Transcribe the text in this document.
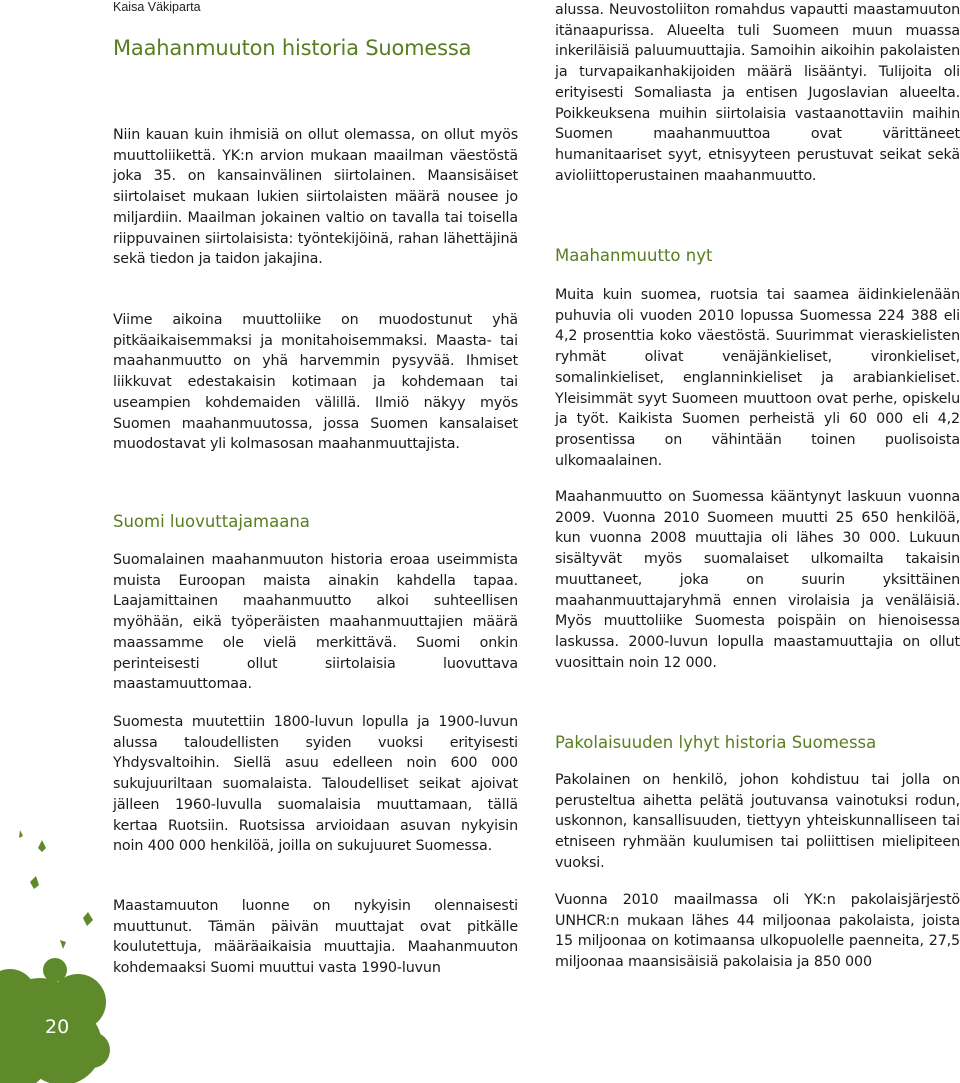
Kaisa Väkiparta
Maahanmuuton historia Suomessa

Niin kauan kuin ihmisiä on ollut olemassa, on ollut myös muuttoliikettä. YK:n arvion mukaan maailman väestöstä joka 35. on kansainvälinen siirtolainen. Maansisäiset siirtolaiset mukaan lukien siirtolaisten määrä nousee jo miljardiin. Maailman jokainen valtio on tavalla tai toisella riippuvainen siirtolaisista: työntekijöinä, rahan lähettäjinä sekä tiedon ja taidon jakajina.

Viime aikoina muuttoliike on muodostunut yhä pitkäaikaisemmaksi ja monitahoisemmaksi. Maasta- tai maahanmuutto on yhä harvemmin pysyvää. Ihmiset liikkuvat edestakaisin kotimaan ja kohdemaan tai useampien kohdemaiden välillä. Ilmiö näkyy myös Suomen maahanmuutossa, jossa Suomen kansalaiset muodostavat yli kolmasosan maahanmuuttajista.

Suomi luovuttajamaana

Suomalainen maahanmuuton historia eroaa useimmista muista Euroopan maista ainakin kahdella tapaa. Laajamittainen maahanmuutto alkoi suhteellisen myöhään, eikä työperäisten maahanmuuttajien määrä maassamme ole vielä merkittävä. Suomi onkin perinteisesti ollut siirtolaisia luovuttava maastamuuttomaa.

Suomesta muutettiin 1800-luvun lopulla ja 1900-luvun alussa taloudellisten syiden vuoksi erityisesti Yhdysvaltoihin. Siellä asuu edelleen noin 600 000 sukujuuriltaan suomalaista. Taloudelliset seikat ajoivat jälleen 1960-luvulla suomalaisia muuttamaan, tällä kertaa Ruotsiin. Ruotsissa arvioidaan asuvan nykyisin noin 400 000 henkilöä, joilla on sukujuuret Suomessa.

Maastamuuton luonne on nykyisin olennaisesti muuttunut. Tämän päivän muuttajat ovat pitkälle koulutettuja, määräaikaisia muuttajia. Maahanmuuton kohdemaaksi Suomi muuttui vasta 1990-luvun

alussa. Neuvostoliiton romahdus vapautti maastamuuton itänaapurissa. Alueelta tuli Suomeen muun muassa inkeriläisiä paluumuuttajia. Samoihin aikoihin pakolaisten ja turvapaikanhakijoiden määrä lisääntyi. Tulijoita oli erityisesti Somaliasta ja entisen Jugoslavian alueelta. Poikkeuksena muihin siirtolaisia vastaanottaviin maihin Suomen maahanmuuttoa ovat värittäneet humanitaariset syyt, etnisyyteen perustuvat seikat sekä avioliittoperustainen maahanmuutto.

Maahanmuutto nyt

Muita kuin suomea, ruotsia tai saamea äidinkielenään puhuvia oli vuoden 2010 lopussa Suomessa 224 388 eli 4,2 prosenttia koko väestöstä. Suurimmat vieraskielisten ryhmät olivat venäjänkieliset, vironkieliset, somalinkieliset, englanninkieliset ja arabiankieliset. Yleisimmät syyt Suomeen muuttoon ovat perhe, opiskelu ja työt. Kaikista Suomen perheistä yli 60 000 eli 4,2 prosentissa on vähintään toinen puolisoista ulkomaalainen.

Maahanmuutto on Suomessa kääntynyt laskuun vuonna 2009. Vuonna 2010 Suomeen muutti 25 650 henkilöä, kun vuonna 2008 muuttajia oli lähes 30 000. Lukuun sisältyvät myös suomalaiset ulkomailta takaisin muuttaneet, joka on suurin yksittäinen maahanmuuttajaryhmä ennen virolaisia ja venäläisiä. Myös muuttoliike Suomesta poispäin on hienoisessa laskussa. 2000-luvun lopulla maastamuuttajia on ollut vuosittain noin 12 000.

Pakolaisuuden lyhyt historia Suomessa

Pakolainen on henkilö, johon kohdistuu tai jolla on perusteltua aihetta pelätä joutuvansa vainotuksi rodun, uskonnon, kansallisuuden, tiettyyn yhteiskunnalliseen tai etniseen ryhmään kuulumisen tai poliittisen mielipiteen vuoksi.

Vuonna 2010 maailmassa oli YK:n pakolaisjärjestö UNHCR:n mukaan lähes 44 miljoonaa pakolaista, joista 15 miljoonaa on kotimaansa ulkopuolelle paenneita, 27,5 miljoonaa maansisäisiä pakolaisia ja 850 000

20
